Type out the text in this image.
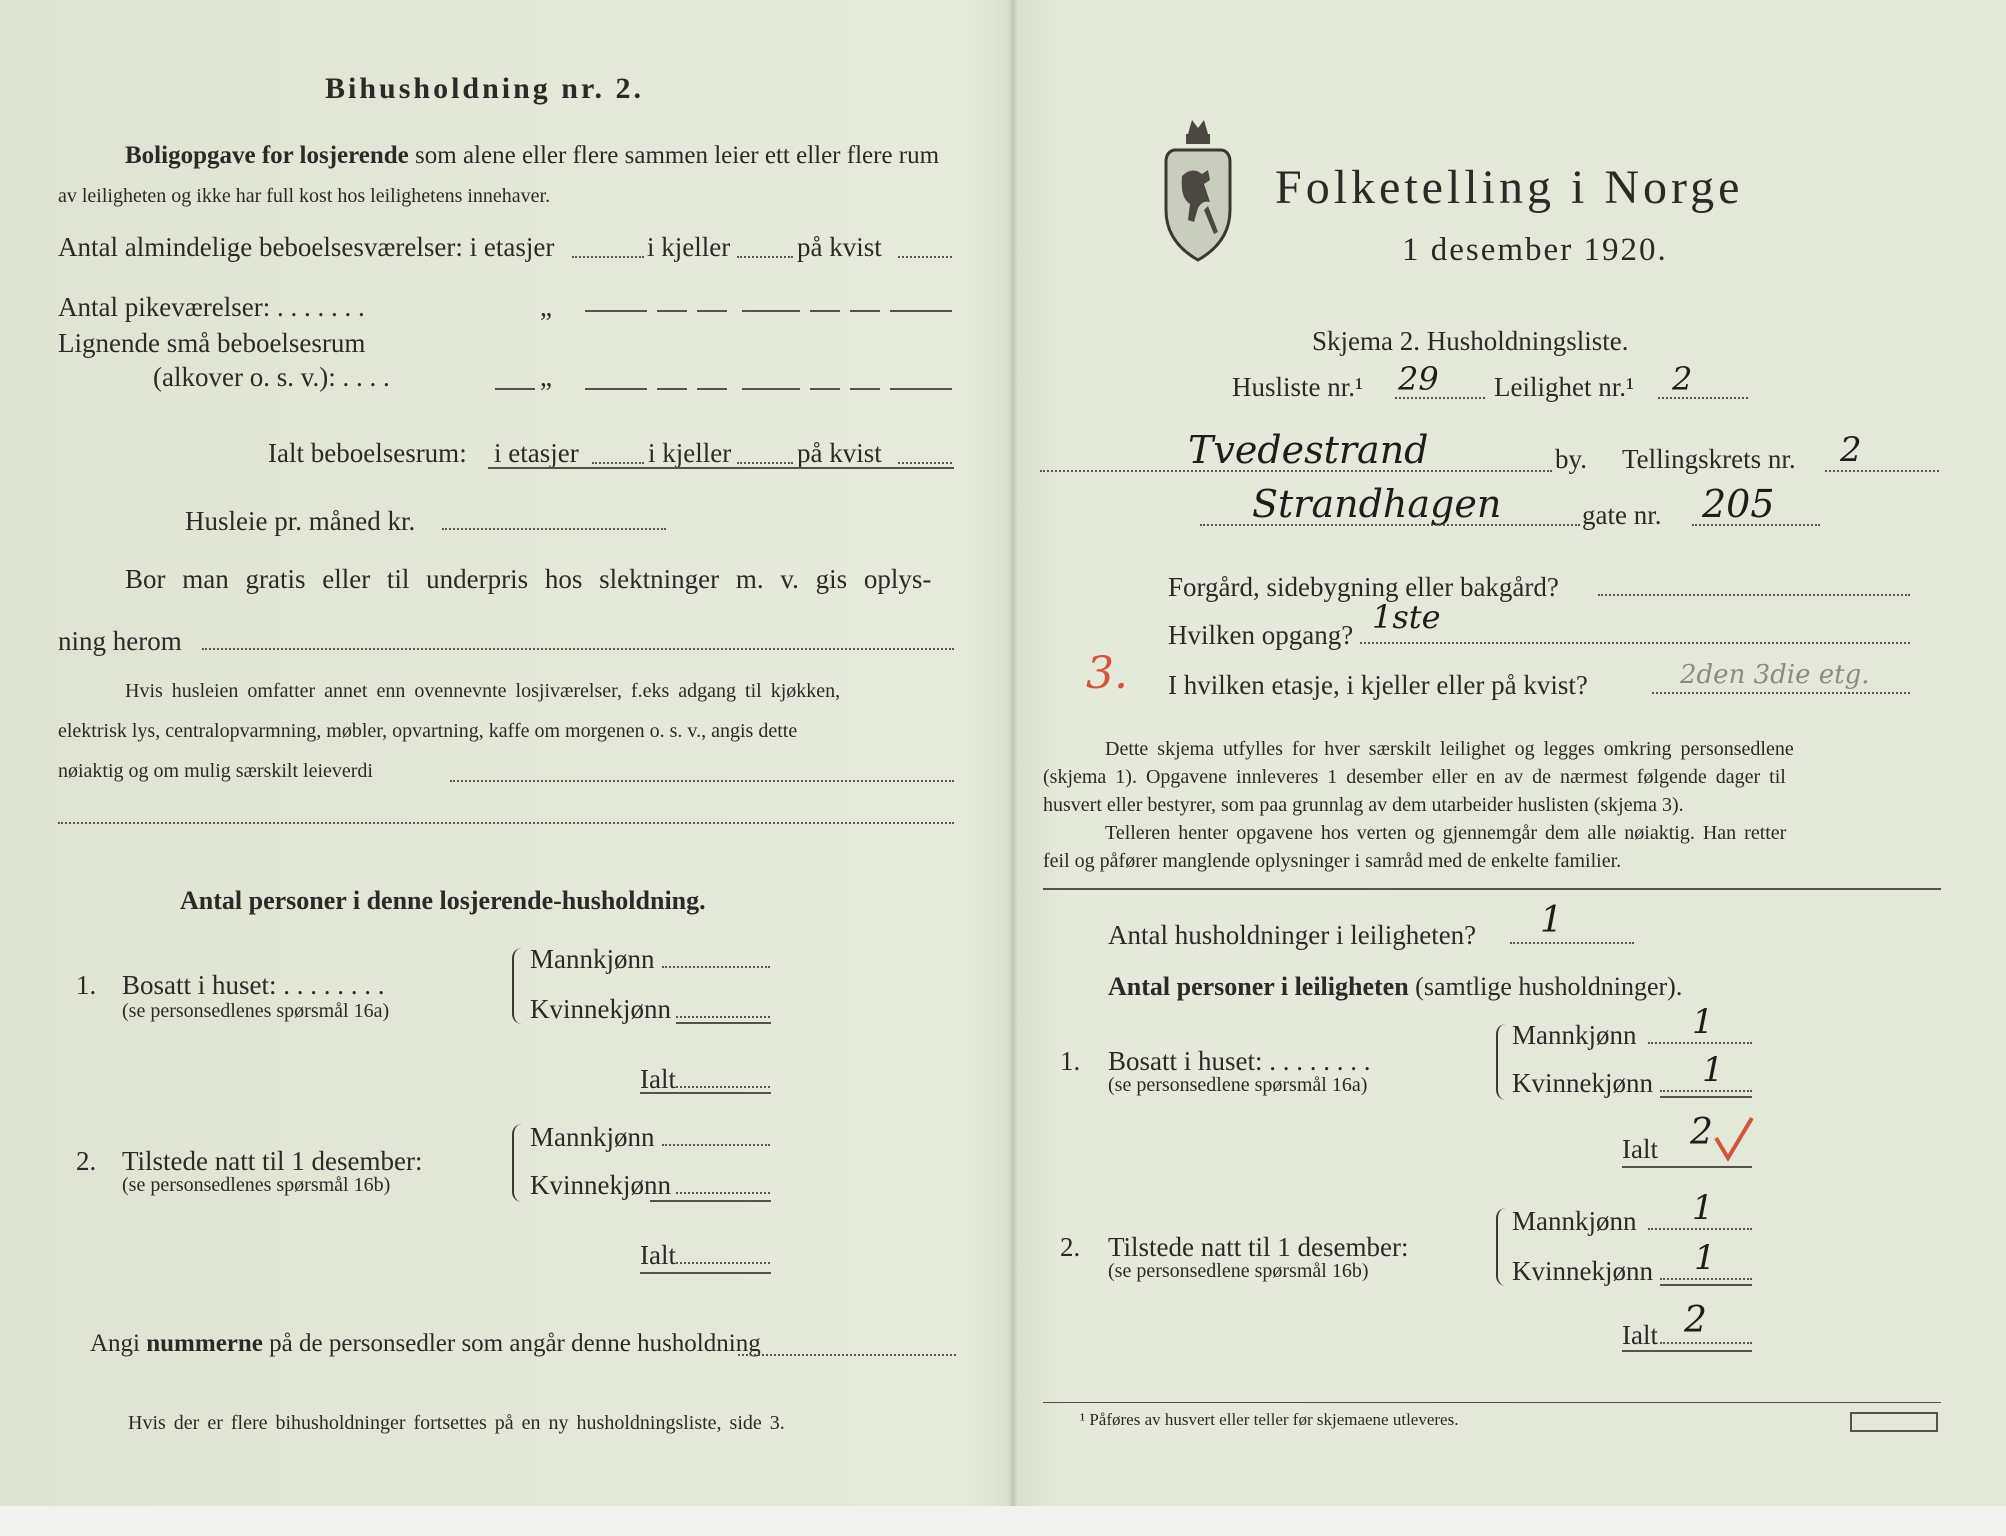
Bihusholdning nr. 2.
Boligopgave for losjerende som alene eller flere sammen leier ett eller flere rum
av leiligheten og ikke har full kost hos leilighetens innehaver.
Antal almindelige beboelsesværelser: i etasjer	i kjeller på kvist
Antal pikeværelser: . . . . . . .	„
Lignende små beboelsesrum
(alkover o. s. v.): . . . .	„
Ialt beboelsesrum: i etasjer	i kjeller på kvist
Husleie pr. måned kr.
Bor man gratis eller til underpris hos slektninger m. v. gis oplys-
ning herom
Hvis husleien omfatter annet enn ovennevnte losjiværelser, f.eks adgang til kjøkken,
elektrisk lys, centralopvarmning, møbler, opvartning, kaffe om morgenen o. s. v., angis dette
nøiaktig og om mulig særskilt leieverdi
Antal personer i denne losjerende-husholdning.
1. Bosatt i huset: . . . . . . . .
(se personsedlenes spørsmål 16a)
Mannkjønn
Kvinnekjønn
Ialt
2. Tilstede natt til 1 desember:
(se personsedlenes spørsmål 16b)
Mannkjønn
Kvinnekjønn
Ialt
Angi nummerne på de personsedler som angår denne husholdning
Hvis der er flere bihusholdninger fortsettes på en ny husholdningsliste, side 3.
Folketelling i Norge
1 desember 1920.
Skjema 2. Husholdningsliste.
Husliste nr.¹ 29 Leilighet nr.¹ 2
Tvedestrand	by. Tellingskrets nr. 2
Strandhagen	gate nr. 205
Forgård, sidebygning eller bakgård?
Hvilken opgang? 1ste
3. I hvilken etasje, i kjeller eller på kvist?	2den 3die etg.
Dette skjema utfylles for hver særskilt leilighet og legges omkring personsedlene
(skjema 1). Opgavene innleveres 1 desember eller en av de nærmest følgende dager til
husvert eller bestyrer, som paa grunnlag av dem utarbeider huslisten (skjema 3).
Telleren henter opgavene hos verten og gjennemgår dem alle nøiaktig. Han retter
feil og påfører manglende oplysninger i samråd med de enkelte familier.
Antal husholdninger i leiligheten? 1
Antal personer i leiligheten (samtlige husholdninger).
1. Bosatt i huset: . . . . . . . .
(se personsedlene spørsmål 16a)
Mannkjønn 1
Kvinnekjønn 1
Ialt 2
2. Tilstede natt til 1 desember:
(se personsedlene spørsmål 16b)
Mannkjønn 1
Kvinnekjønn 1
Ialt 2
¹ Påføres av husvert eller teller før skjemaene utleveres.
